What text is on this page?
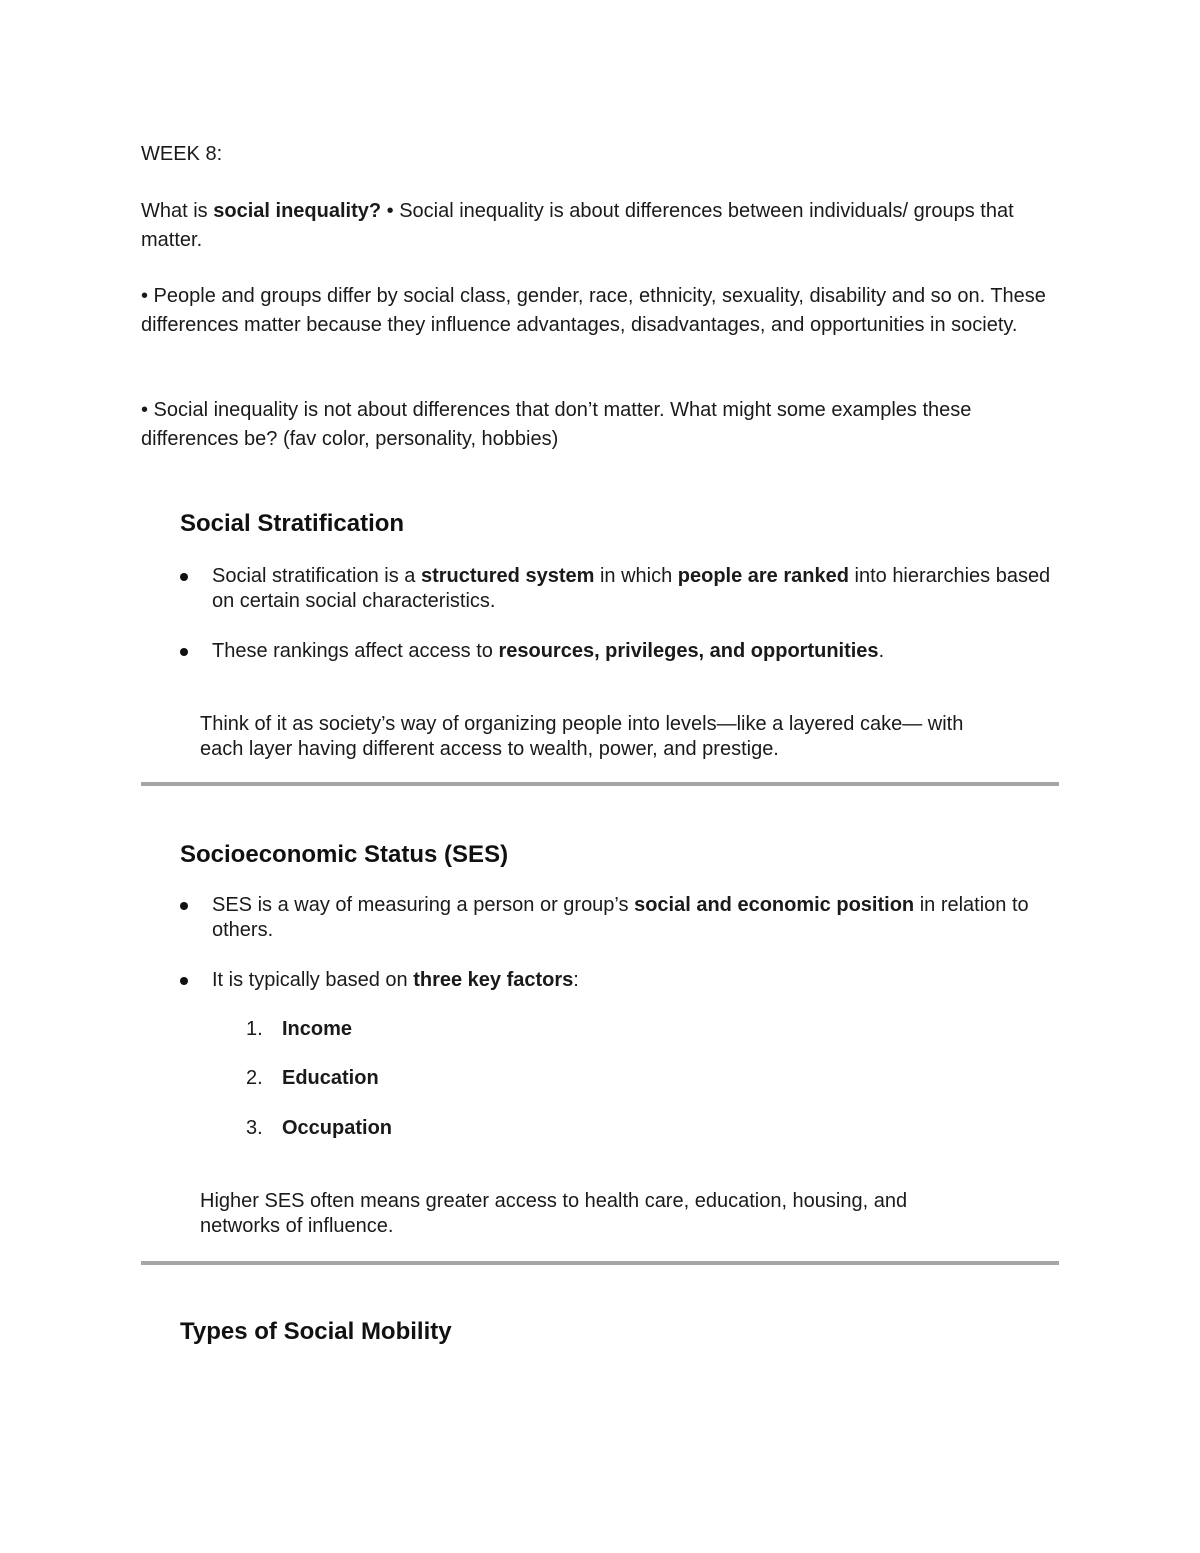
WEEK 8:

What is social inequality? • Social inequality is about differences between individuals/ groups that matter.

• People and groups differ by social class, gender, race, ethnicity, sexuality, disability and so on. These differences matter because they influence advantages, disadvantages, and opportunities in society.

• Social inequality is not about differences that don’t matter. What might some examples these differences be? (fav color, personality, hobbies)

Social Stratification
Social stratification is a structured system in which people are ranked into hierarchies based on certain social characteristics.
These rankings affect access to resources, privileges, and opportunities.

Think of it as society’s way of organizing people into levels—like a layered cake— with each layer having different access to wealth, power, and prestige.

Socioeconomic Status (SES)
SES is a way of measuring a person or group’s social and economic position in relation to others.
It is typically based on three key factors:

1. Income

2. Education

3. Occupation

Higher SES often means greater access to health care, education, housing, and networks of influence.

Types of Social Mobility
